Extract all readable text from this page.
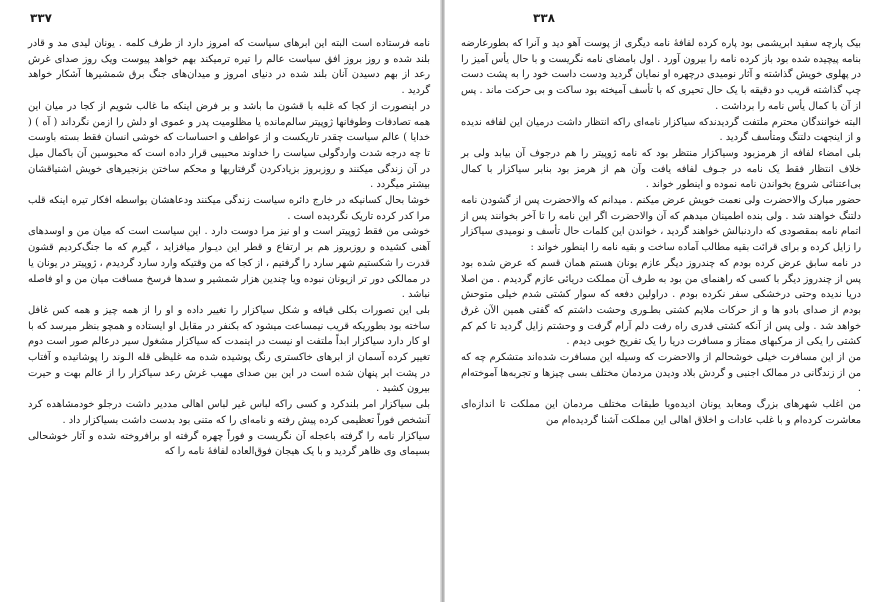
۳۳۷

نامه فرستاده است البته این ابرهای سیاست که امروز دارد از طرف کلمه . یونان لیدی مد و قادر بلند شده و روز بروز افق سیاست عالم را تیره ترمیکند بهم خواهد پیوست ویک روز صدای غرش رعد از بهم دسیدن آنان بلند شده در دنیای امروز و میدان‌های جنگ برق شمشیرها آشکار خواهد گردید .

در اینصورت از کجا که غلبه با قشون ما باشد و بر فرض اینکه ما غالب شویم از کجا در میان این همه تصادفات وطوفانها ژوپیتر سالم‌مانده یا مظلومیت پدر و عموی او دلش را ازمن نگرداند ( آه ) ( خدایا ) عالم سیاست چقدر تاریکست و از عواطف و احساسات که خوشی انسان فقط بسته باوست تا چه درجه شدت واردگولی سیاست را خداوند محبیبی قرار داده است که محبوسین آن باکمال میل در آن زندگی میکنند و روزبروز بزیادکردن گرفتاریها و محکم ساختن بزنجیرهای خویش اشتیاقشان بیشتر میگردد .

خوشا بحال کسانیکه در خارج دائره سیاست زندگی میکنند ودعاهشان بواسطه افکار تیره اینکه قلب مرا کدر کرده تاریک نگردیده است .

خوشی من فقط ژوپیتر است و او نیز مرا دوست دارد . این سیاست است که میان من و اوسدهای آهنی کشیده و روزبروز هم بر ارتفاع و قطر این دیـوار میافزاید ، گیرم که ما جنگ‌کردیم قشون قدرت را شکستیم شهر سارد را گرفتیم ، از کجا که من وقتیکه وارد سارد گردیدم ، ژوپیتر در یونان یا در ممالکی دور تر ازیونان نبوده ویا چندین هزار شمشیر و سدها فرسخ مسافت میان من و او فاصله نباشد .

بلی این تصورات بکلی قیافه و شکل سیاکزار را تغییر داده و او را از همه چیز و همه کس غافل ساخته بود بطوریکه قریب نیمساعت میشود که بکنفر در مقابل او ایستاده و همچو بنظر میرسد که با او کار دارد سیاکزار ابداً ملتفت او نیست در اینمدت که سیاکزار مشغول سیر درعالم صور است دوم تغییر کرده آسمان از ابرهای خاکستری رنگ پوشیده شده مه غلیظی قله الـوند را پوشانیده و آفتاب در پشت ابر پنهان شده است در این بین صدای مهیب غرش رعد سیاکزار را از عالم بهت و حیرت بیرون کشید .

بلی سیاکزار امر بلندکرد و کسی راکه لباس غیر لباس اهالی مددیر داشت درجلو خودمشاهده کرد آنشخص فوراً تعظیمی کرده پیش رفته و نامه‌ای را که متنی بود بدست داشت بسیاکزار داد .

سیاکزار نامه را گرفته باعجله آن نگریست و فوراً چهره گرفته او برافروخته شده و آثار خوشحالی بسیمای وی ظاهر گردید و با یک هیجان فوق‌العاده لفافهٔ نامه را که

۳۳۸

بیک پارچه سفید ابریشمی بود پاره کرده لفافهٔ نامه دیگری از پوست آهو دید و آنرا که بطورعارضه بنامه پیچیده شده بود باز کرده نامه را بیرون آورد . اول بامضای نامه نگریست و با حال یأس آمیز را در پهلوی خویش گذاشته و آثار نومیدی درچهره او نمایان گردید ودست داست خود را به پشت دست چپ گذاشته قریب دو دقیقه با یک حال تحیری که با تأسف آمیخته بود ساکت و بی حرکت ماند . پس از آن با کمال یأس نامه را برداشت .

البته خوانندگان محترم ملتفت گردیدندکه سیاکزار نامه‌ای راکه انتظار داشت درمیان این لفافه ندیده و از اینجهت دلتنگ ومتأسف گردید .

بلی امضاء لفافه از هرمزبود وسیاکزار منتظر بود که نامه ژوپیتر را هم درجوف آن بیابد ولی بر خلاف انتظار فقط یک نامه در جـوف لفافه یافت وآن هم از هرمز بود بنابر سیاکزار با کمال بی‌اعتنائی شروع بخواندن نامه نموده و اینطور خواند .

حضور مبارک والاحضرت ولی نعمت خویش عرض میکنم . میدانم که والاحضرت پس از گشودن نامه دلتنگ خواهند شد . ولی بنده اطمینان میدهم که آن والاحضرت اگر این نامه را تا آخر بخوانند پس از اتمام نامه بمقصودی که داردنبالش خواهند گردید ، خواندن این کلمات حال تأسف و نومیدی سیاکزار را زایل کرده و برای قرائت بقیه مطالب آماده ساخت و بقیه نامه را اینطور خواند :

در نامه سابق عرض کرده بودم که چندروز دیگر عازم یونان هستم همان قسم که عرض شده بود پس از چندروز دیگر با کسی که راهنمای من بود به طرف آن مملکت دریائی عازم گردیدم . من اصلا دریا ندیده وحتی درخشکی سفر نکرده بودم . دراولین دفعه که سوار کشتی شدم خیلی متوحش بودم از صدای بادو ها و از حرکات ملایم کشتی بطـوری وحشت داشتم که گفتی همین الآن غرق خواهد شد . ولی پس از آنکه کشتی قدری راه رفت دلم آرام گرفت و وحشتم زایل گردید تا کم کم کشتی را یکی از مرکبهای ممتاز و مسافرت دریا را یک تفریح خوبی دیدم .

من از این مسافرت خیلی خوشحالم از والاحضرت که وسیله این مسافرت شده‌اند متشکرم چه که من از زندگانی در ممالک اجنبی و گردش بلاد ودیدن مردمان مختلف بسی چیزها و تجربه‌ها آموخته‌ام .

من اغلب شهرهای بزرگ ومعابد یونان ادیده‌وبا طبقات مختلف مردمان این مملکت تا اندازه‌ای معاشرت کرده‌ام و با غلب عادات و اخلاق اهالی این مملکت آشنا گردیده‌ام من
